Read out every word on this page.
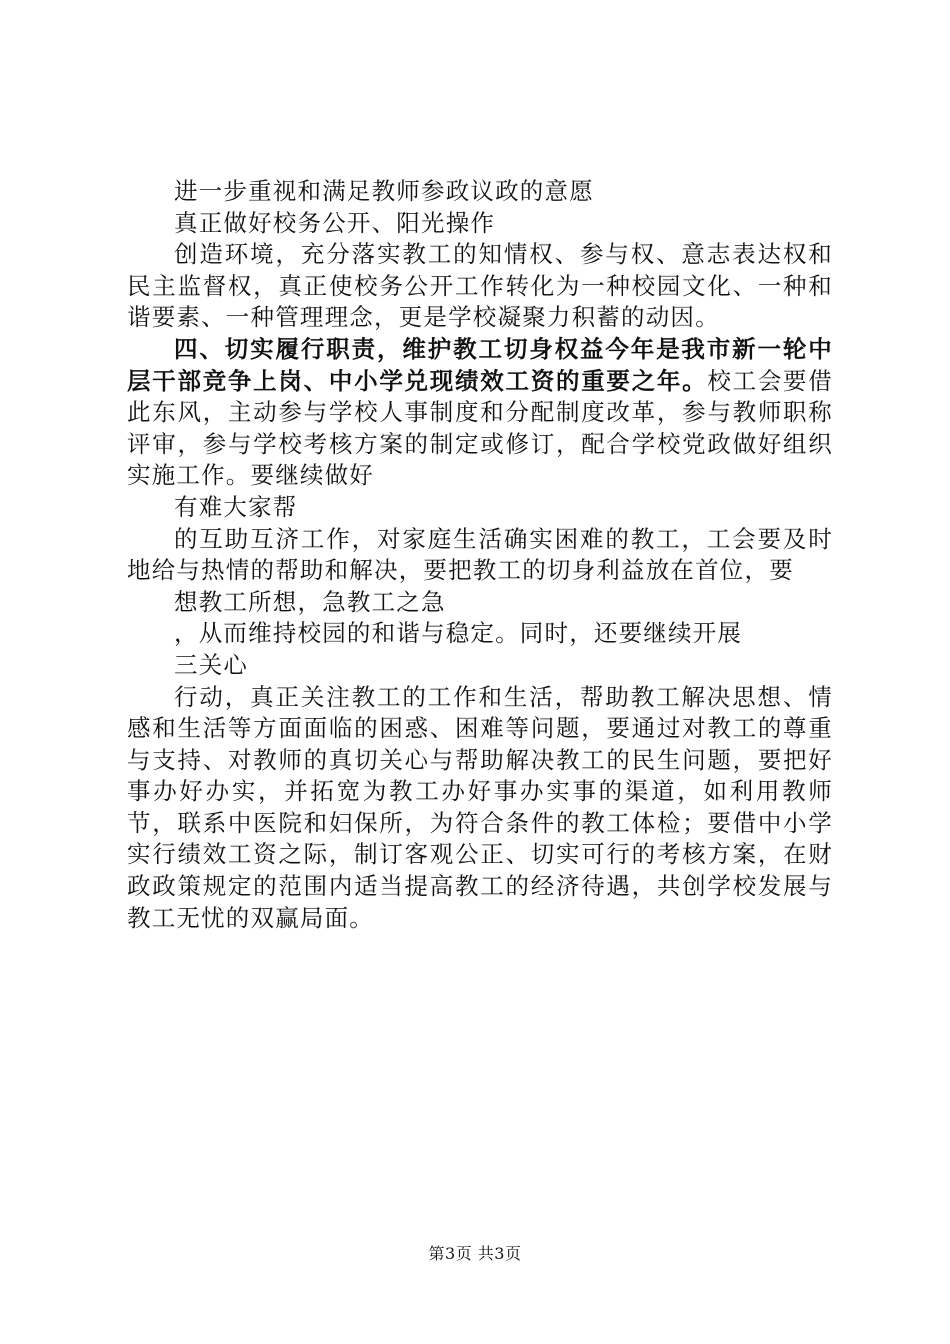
进一步重视和满足教师参政议政的意愿

真正做好校务公开、阳光操作

创造环境，充分落实教工的知情权、参与权、意志表达权和民主监督权，真正使校务公开工作转化为一种校园文化、一种和谐要素、一种管理理念，更是学校凝聚力积蓄的动因。

四、切实履行职责，维护教工切身权益今年是我市新一轮中层干部竞争上岗、中小学兑现绩效工资的重要之年。校工会要借此东风，主动参与学校人事制度和分配制度改革，参与教师职称评审，参与学校考核方案的制定或修订，配合学校党政做好组织实施工作。要继续做好

有难大家帮

的互助互济工作，对家庭生活确实困难的教工，工会要及时地给与热情的帮助和解决，要把教工的切身利益放在首位，要

想教工所想，急教工之急

，从而维持校园的和谐与稳定。同时，还要继续开展

三关心

行动，真正关注教工的工作和生活，帮助教工解决思想、情感和生活等方面面临的困惑、困难等问题，要通过对教工的尊重与支持、对教师的真切关心与帮助解决教工的民生问题，要把好事办好办实，并拓宽为教工办好事办实事的渠道，如利用教师节，联系中医院和妇保所，为符合条件的教工体检；要借中小学实行绩效工资之际，制订客观公正、切实可行的考核方案，在财政政策规定的范围内适当提高教工的经济待遇，共创学校发展与教工无忧的双赢局面。

第3页 共3页
